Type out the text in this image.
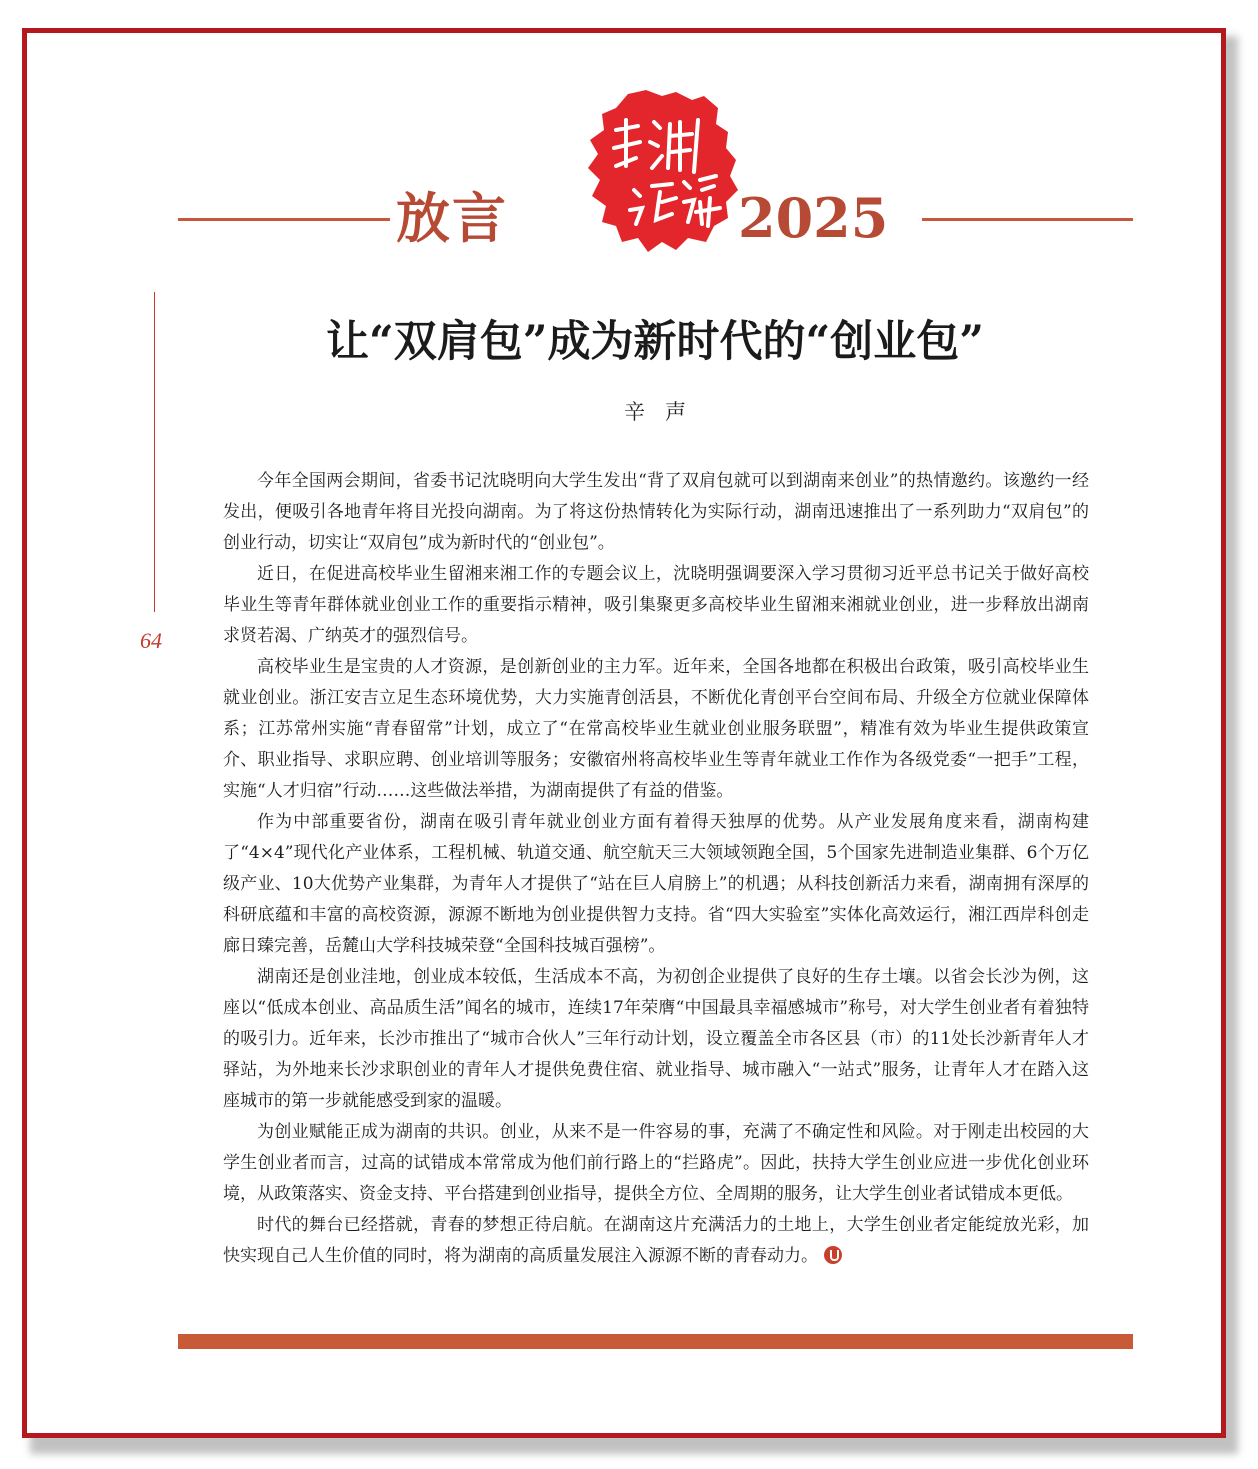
放言	2025
64
让“双肩包”成为新时代的“创业包”
辛声

今年全国两会期间，省委书记沈晓明向大学生发出“背了双肩包就可以到湖南来创业”的热情邀约。该邀约一经发出，便吸引各地青年将目光投向湖南。为了将这份热情转化为实际行动，湖南迅速推出了一系列助力“双肩包”的创业行动，切实让“双肩包”成为新时代的“创业包”。

近日，在促进高校毕业生留湘来湘工作的专题会议上，沈晓明强调要深入学习贯彻习近平总书记关于做好高校毕业生等青年群体就业创业工作的重要指示精神，吸引集聚更多高校毕业生留湘来湘就业创业，进一步释放出湖南求贤若渴、广纳英才的强烈信号。

高校毕业生是宝贵的人才资源，是创新创业的主力军。近年来，全国各地都在积极出台政策，吸引高校毕业生就业创业。浙江安吉立足生态环境优势，大力实施青创活县，不断优化青创平台空间布局、升级全方位就业保障体系；江苏常州实施“青春留常”计划，成立了“在常高校毕业生就业创业服务联盟”，精准有效为毕业生提供政策宣介、职业指导、求职应聘、创业培训等服务；安徽宿州将高校毕业生等青年就业工作作为各级党委“一把手”工程，实施“人才归宿”行动……这些做法举措，为湖南提供了有益的借鉴。

作为中部重要省份，湖南在吸引青年就业创业方面有着得天独厚的优势。从产业发展角度来看，湖南构建了“4×4”现代化产业体系，工程机械、轨道交通、航空航天三大领域领跑全国，5个国家先进制造业集群、6个万亿级产业、10大优势产业集群，为青年人才提供了“站在巨人肩膀上”的机遇；从科技创新活力来看，湖南拥有深厚的科研底蕴和丰富的高校资源，源源不断地为创业提供智力支持。省“四大实验室”实体化高效运行，湘江西岸科创走廊日臻完善，岳麓山大学科技城荣登“全国科技城百强榜”。

湖南还是创业洼地，创业成本较低，生活成本不高，为初创企业提供了良好的生存土壤。以省会长沙为例，这座以“低成本创业、高品质生活”闻名的城市，连续17年荣膺“中国最具幸福感城市”称号，对大学生创业者有着独特的吸引力。近年来，长沙市推出了“城市合伙人”三年行动计划，设立覆盖全市各区县（市）的11处长沙新青年人才驿站，为外地来长沙求职创业的青年人才提供免费住宿、就业指导、城市融入“一站式”服务，让青年人才在踏入这座城市的第一步就能感受到家的温暖。

为创业赋能正成为湖南的共识。创业，从来不是一件容易的事，充满了不确定性和风险。对于刚走出校园的大学生创业者而言，过高的试错成本常常成为他们前行路上的“拦路虎”。因此，扶持大学生创业应进一步优化创业环境，从政策落实、资金支持、平台搭建到创业指导，提供全方位、全周期的服务，让大学生创业者试错成本更低。

时代的舞台已经搭就，青春的梦想正待启航。在湖南这片充满活力的土地上，大学生创业者定能绽放光彩，加快实现自己人生价值的同时，将为湖南的高质量发展注入源源不断的青春动力。
